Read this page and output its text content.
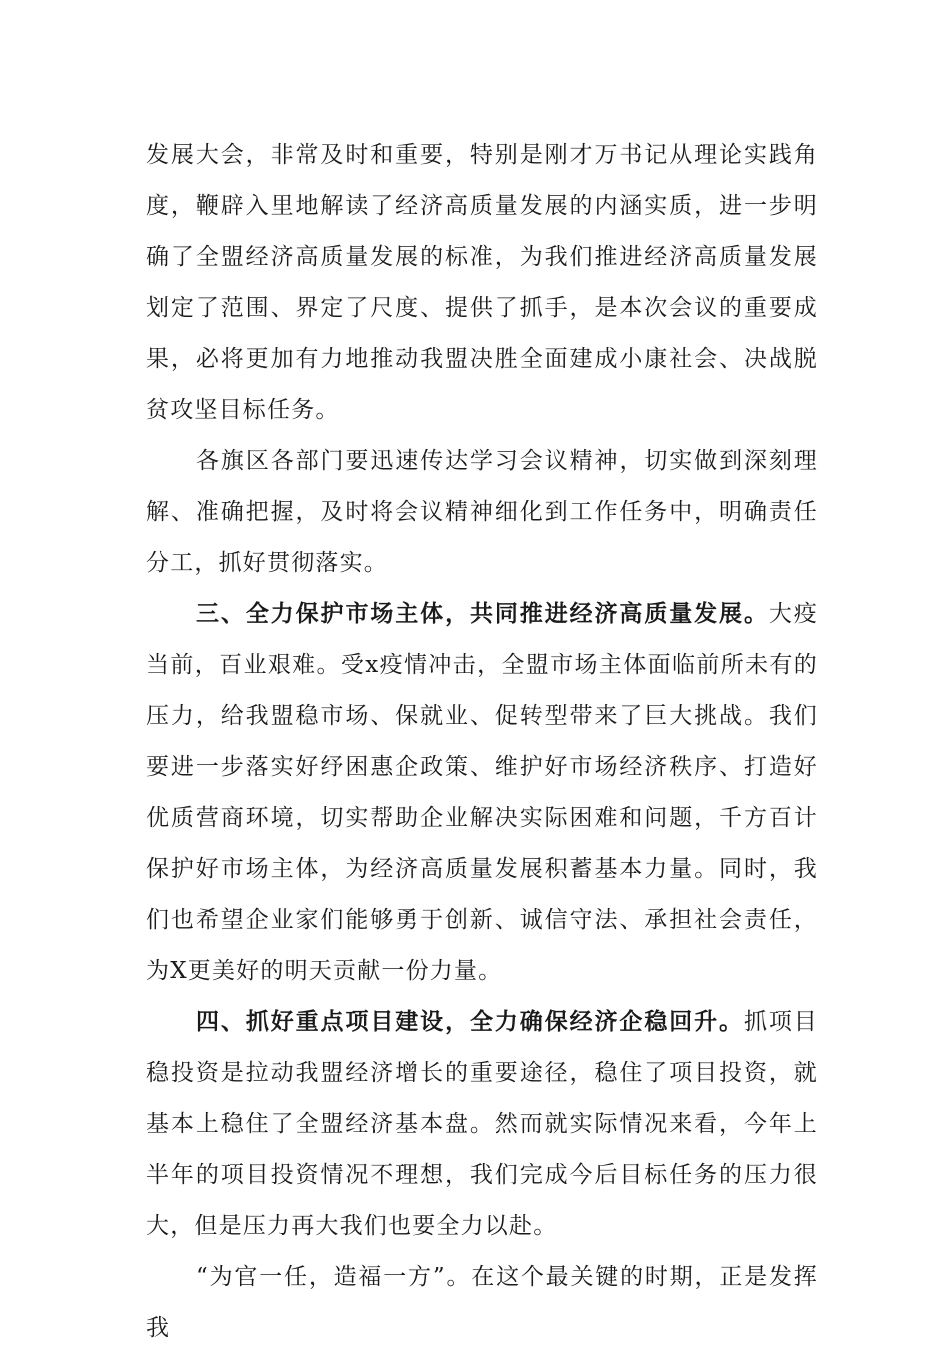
发展大会，非常及时和重要，特别是刚才万书记从理论实践角度，鞭辟入里地解读了经济高质量发展的内涵实质，进一步明确了全盟经济高质量发展的标准，为我们推进经济高质量发展划定了范围、界定了尺度、提供了抓手，是本次会议的重要成果，必将更加有力地推动我盟决胜全面建成小康社会、决战脱贫攻坚目标任务。

各旗区各部门要迅速传达学习会议精神，切实做到深刻理解、准确把握，及时将会议精神细化到工作任务中，明确责任分工，抓好贯彻落实。

三、全力保护市场主体，共同推进经济高质量发展。大疫当前，百业艰难。受x疫情冲击，全盟市场主体面临前所未有的压力，给我盟稳市场、保就业、促转型带来了巨大挑战。我们要进一步落实好纾困惠企政策、维护好市场经济秩序、打造好优质营商环境，切实帮助企业解决实际困难和问题，千方百计保护好市场主体，为经济高质量发展积蓄基本力量。同时，我们也希望企业家们能够勇于创新、诚信守法、承担社会责任，为X更美好的明天贡献一份力量。

四、抓好重点项目建设，全力确保经济企稳回升。抓项目稳投资是拉动我盟经济增长的重要途径，稳住了项目投资，就基本上稳住了全盟经济基本盘。然而就实际情况来看，今年上半年的项目投资情况不理想，我们完成今后目标任务的压力很大，但是压力再大我们也要全力以赴。

“为官一任，造福一方”。在这个最关键的时期，正是发挥我
